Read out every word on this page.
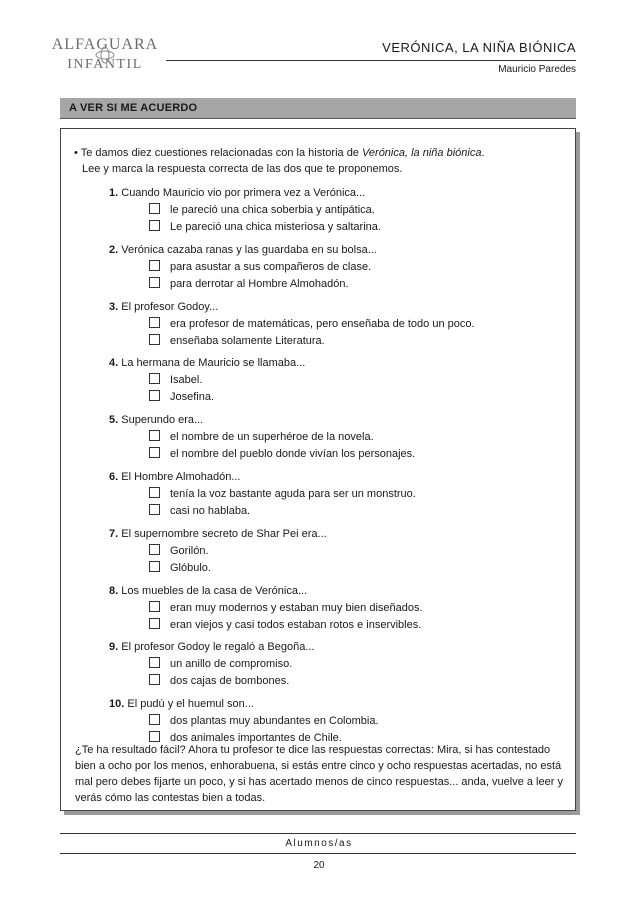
ALFAGUARA
INFANTIL
VERÓNICA, LA NIÑA BIÓNICA
Mauricio Paredes
A VER SI ME ACUERDO
• Te damos diez cuestiones relacionadas con la historia de Verónica, la niña biónica.
Lee y marca la respuesta correcta de las dos que te proponemos.
1. Cuando Mauricio vio por primera vez a Verónica...
le pareció una chica soberbia y antipática.
Le pareció una chica misteriosa y saltarina.
2. Verónica cazaba ranas y las guardaba en su bolsa...
para asustar a sus compañeros de clase.
para derrotar al Hombre Almohadón.
3. El profesor Godoy...
era profesor de matemáticas, pero enseñaba de todo un poco.
enseñaba solamente Literatura.
4. La hermana de Mauricio se llamaba...
Isabel.
Josefina.
5. Superundo era...
el nombre de un superhéroe de la novela.
el nombre del pueblo donde vivían los personajes.
6. El Hombre Almohadón...
tenía la voz bastante aguda para ser un monstruo.
casi no hablaba.
7. El supernombre secreto de Shar Pei era...
Gorilón.
Glóbulo.
8. Los muebles de la casa de Verónica...
eran muy modernos y estaban muy bien diseñados.
eran viejos y casi todos estaban rotos e inservibles.
9. El profesor Godoy le regaló a Begoña...
un anillo de compromiso.
dos cajas de bombones.
10. El pudú y el huemul son...
dos plantas muy abundantes en Colombia.
dos animales importantes de Chile.
¿Te ha resultado fácil? Ahora tu profesor te dice las respuestas correctas: Mira, si has contestado bien a ocho por los menos, enhorabuena, si estás entre cinco y ocho respuestas acertadas, no está mal pero debes fijarte un poco, y si has acertado menos de cinco respuestas... anda, vuelve a leer y verás cómo las contestas bien a todas.
Alumnos/as
20
